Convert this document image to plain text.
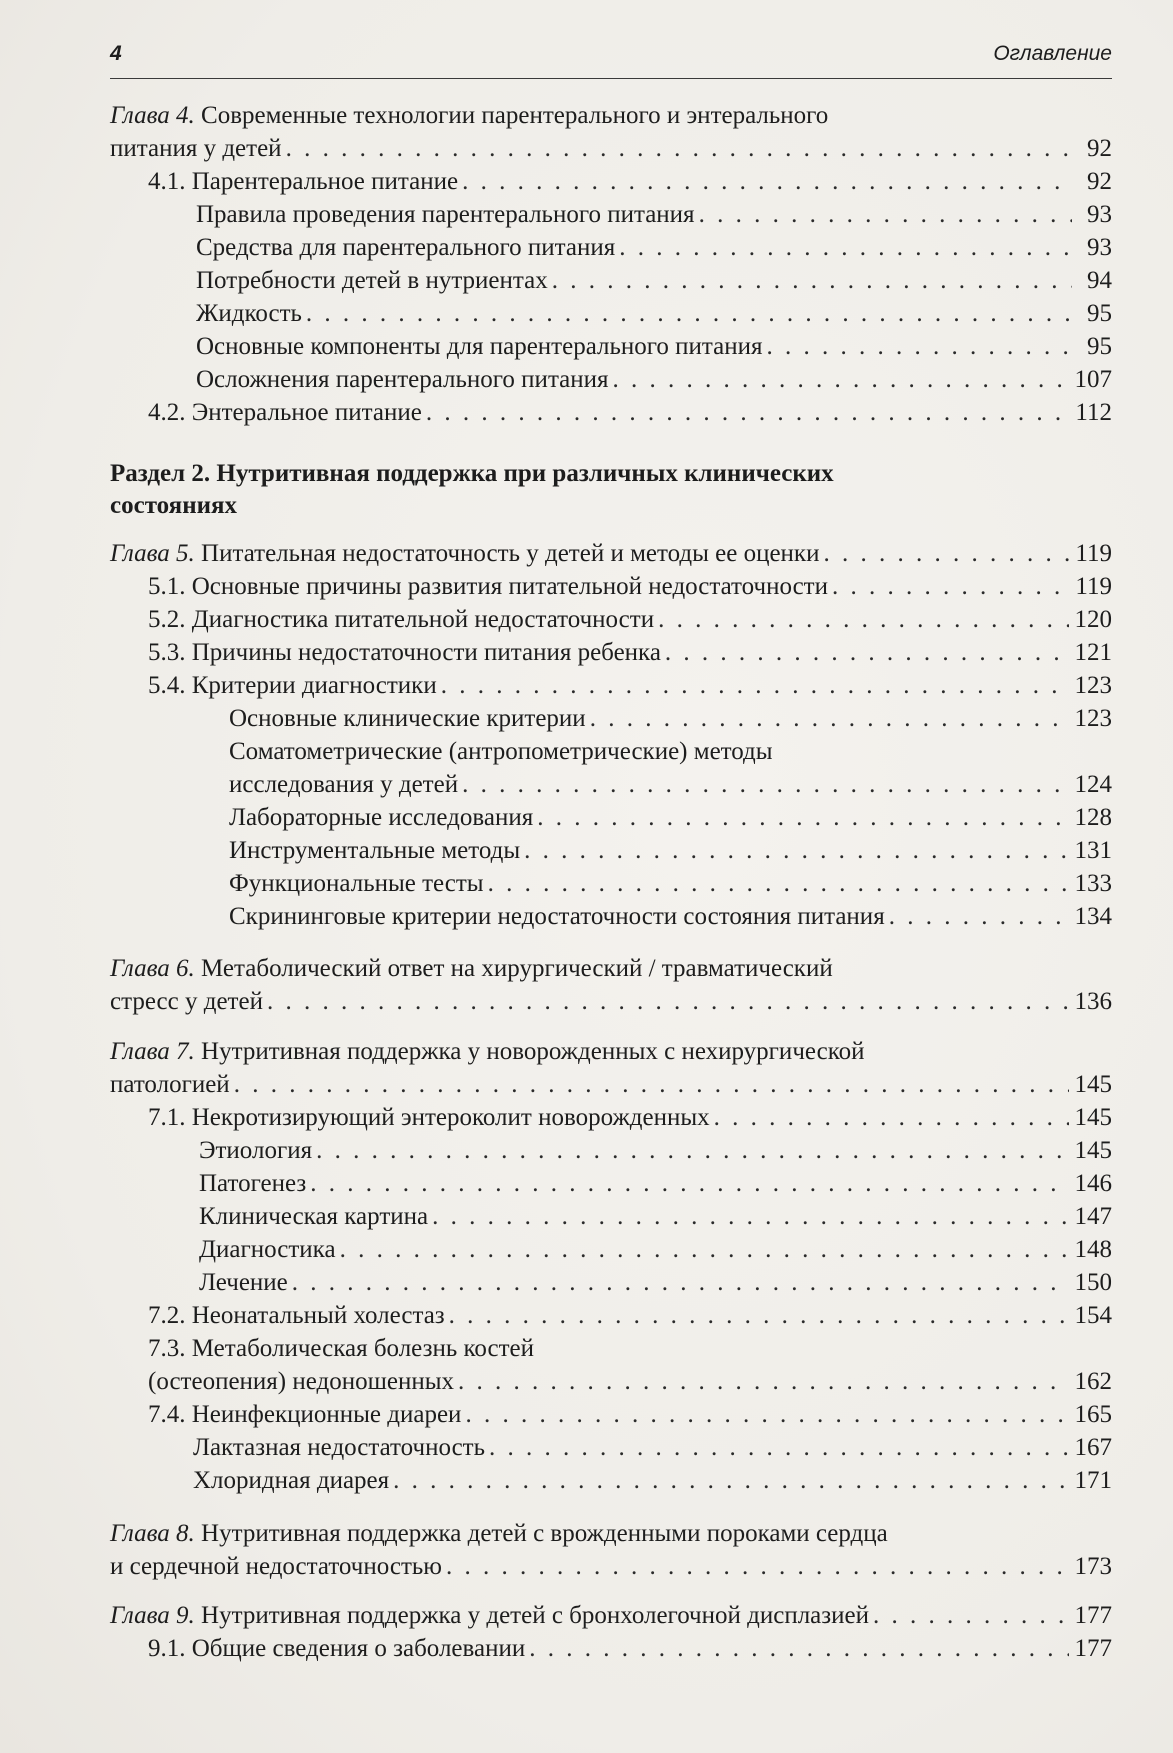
4	Оглавление
Глава 4. Современные технологии парентерального и энтерального
питания у детей . . .	92
4.1. Парентеральное питание . . .	92
Правила проведения парентерального питания . . .	93
Средства для парентерального питания . . .	93
Потребности детей в нутриентах . . .	94
Жидкость . . .	95
Основные компоненты для парентерального питания . . .	95
Осложнения парентерального питания . . .	107
4.2. Энтеральное питание . . .	112
Раздел 2. Нутритивная поддержка при различных клинических
состояниях
Глава 5. Питательная недостаточность у детей и методы ее оценки . . .	119
5.1. Основные причины развития питательной недостаточности . . .	119
5.2. Диагностика питательной недостаточности . . .	120
5.3. Причины недостаточности питания ребенка . . .	121
5.4. Критерии диагностики . . .	123
Основные клинические критерии . . .	123
Соматометрические (антропометрические) методы
исследования у детей . . .	124
Лабораторные исследования . . .	128
Инструментальные методы . . .	131
Функциональные тесты . . .	133
Скрининговые критерии недостаточности состояния питания . . .	134
Глава 6. Метаболический ответ на хирургический / травматический
стресс у детей . . .	136
Глава 7. Нутритивная поддержка у новорожденных с нехирургической
патологией . . .	145
7.1. Некротизирующий энтероколит новорожденных . . .	145
Этиология . . .	145
Патогенез . . .	146
Клиническая картина . . .	147
Диагностика . . .	148
Лечение . . .	150
7.2. Неонатальный холестаз . . .	154
7.3. Метаболическая болезнь костей
(остеопения) недоношенных . . .	162
7.4. Неинфекционные диареи . . .	165
Лактазная недостаточность . . .	167
Хлоридная диарея . . .	171
Глава 8. Нутритивная поддержка детей с врожденными пороками сердца
и сердечной недостаточностью . . .	173
Глава 9. Нутритивная поддержка у детей с бронхолегочной дисплазией . . .	177
9.1. Общие сведения о заболевании . . .	177
